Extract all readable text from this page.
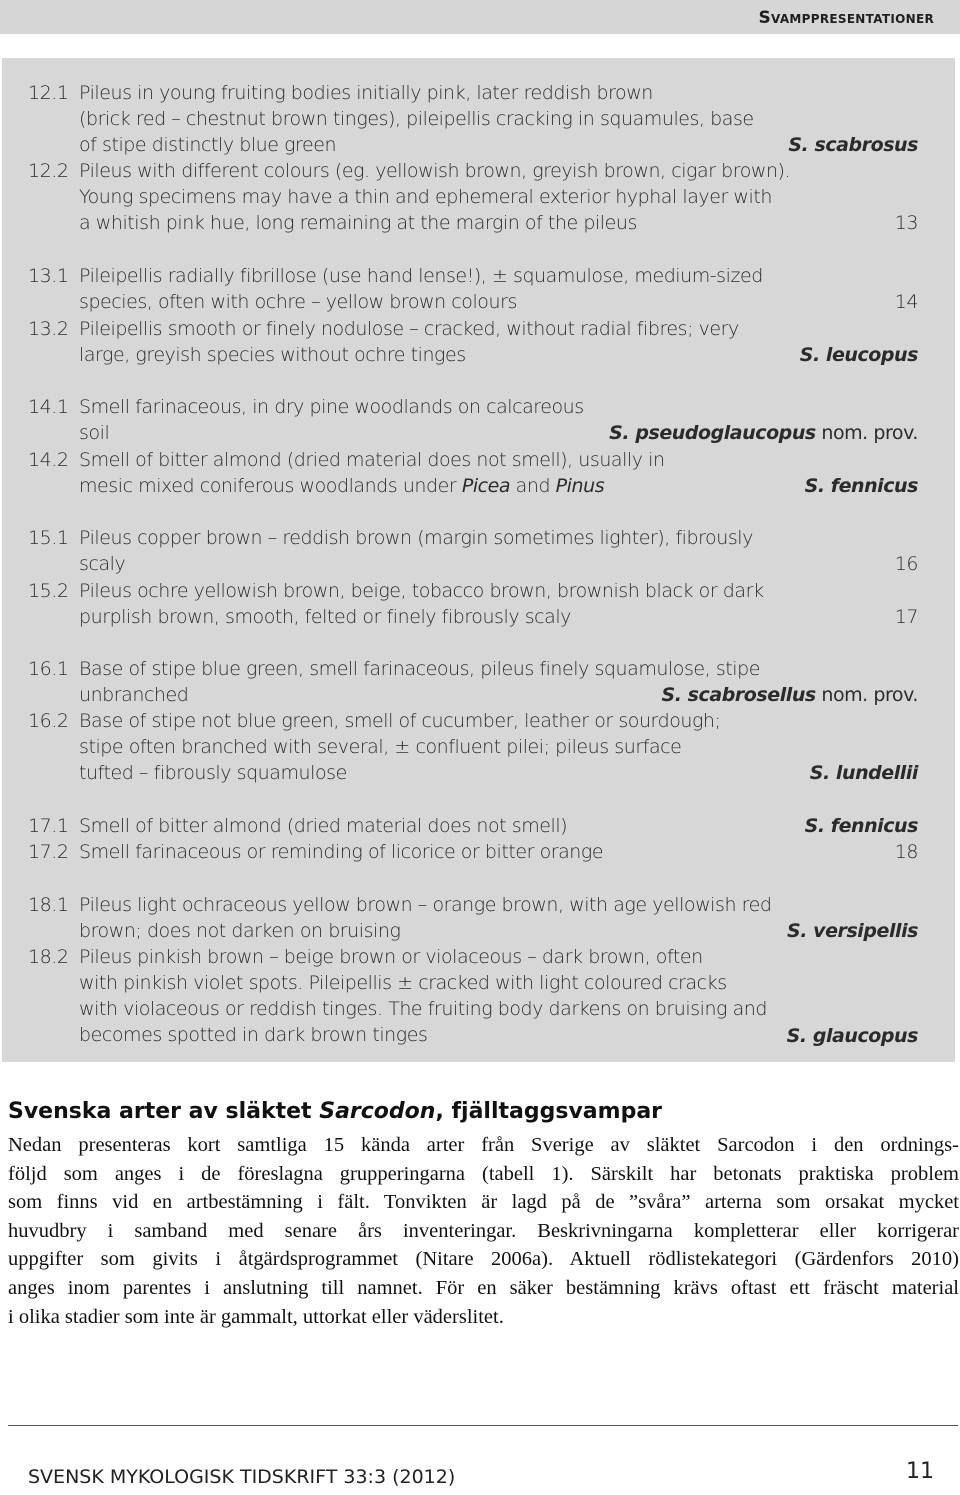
Svamppresentationer
12.1 Pileus in young fruiting bodies initially pink, later reddish brown
(brick red – chestnut brown tinges), pileipellis cracking in squamules, base
of stipe distinctly blue green	S. scabrosus
12.2 Pileus with different colours (eg. yellowish brown, greyish brown, cigar brown).
Young specimens may have a thin and ephemeral exterior hyphal layer with
a whitish pink hue, long remaining at the margin of the pileus	13
13.1 Pileipellis radially fibrillose (use hand lense!), ± squamulose, medium-sized
species, often with ochre – yellow brown colours	14
13.2 Pileipellis smooth or finely nodulose – cracked, without radial fibres; very
large, greyish species without ochre tinges	S. leucopus
14.1 Smell farinaceous, in dry pine woodlands on calcareous
soil	S. pseudoglaucopus nom. prov.
14.2 Smell of bitter almond (dried material does not smell), usually in
mesic mixed coniferous woodlands under Picea and Pinus	S. fennicus
15.1 Pileus copper brown – reddish brown (margin sometimes lighter), fibrously
scaly	16
15.2 Pileus ochre yellowish brown, beige, tobacco brown, brownish black or dark
purplish brown, smooth, felted or finely fibrously scaly	17
16.1 Base of stipe blue green, smell farinaceous, pileus finely squamulose, stipe
unbranched	S. scabrosellus nom. prov.
16.2 Base of stipe not blue green, smell of cucumber, leather or sourdough;
stipe often branched with several, ± confluent pilei; pileus surface
tufted – fibrously squamulose	S. lundellii
17.1 Smell of bitter almond (dried material does not smell)	S. fennicus
17.2 Smell farinaceous or reminding of licorice or bitter orange	18
18.1 Pileus light ochraceous yellow brown – orange brown, with age yellowish red
brown; does not darken on bruising	S. versipellis
18.2 Pileus pinkish brown – beige brown or violaceous – dark brown, often
with pinkish violet spots. Pileipellis ± cracked with light coloured cracks
with violaceous or reddish tinges. The fruiting body darkens on bruising and
becomes spotted in dark brown tinges	S. glaucopus
Svenska arter av släktet Sarcodon, fjälltaggsvampar
Nedan presenteras kort samtliga 15 kända arter från Sverige av släktet Sarcodon i den ordnings-
följd som anges i de föreslagna grupperingarna (tabell 1). Särskilt har betonats praktiska problem
som finns vid en artbestämning i fält. Tonvikten är lagd på de ”svåra” arterna som orsakat mycket
huvudbry i samband med senare års inventeringar. Beskrivningarna kompletterar eller korrigerar
uppgifter som givits i åtgärdsprogrammet (Nitare 2006a). Aktuell rödlistekategori (Gärdenfors 2010)
anges inom parentes i anslutning till namnet. För en säker bestämning krävs oftast ett fräscht material
i olika stadier som inte är gammalt, uttorkat eller väderslitet.
SVENSK MYKOLOGISK TIDSKRIFT 33:3 (2012)	11
